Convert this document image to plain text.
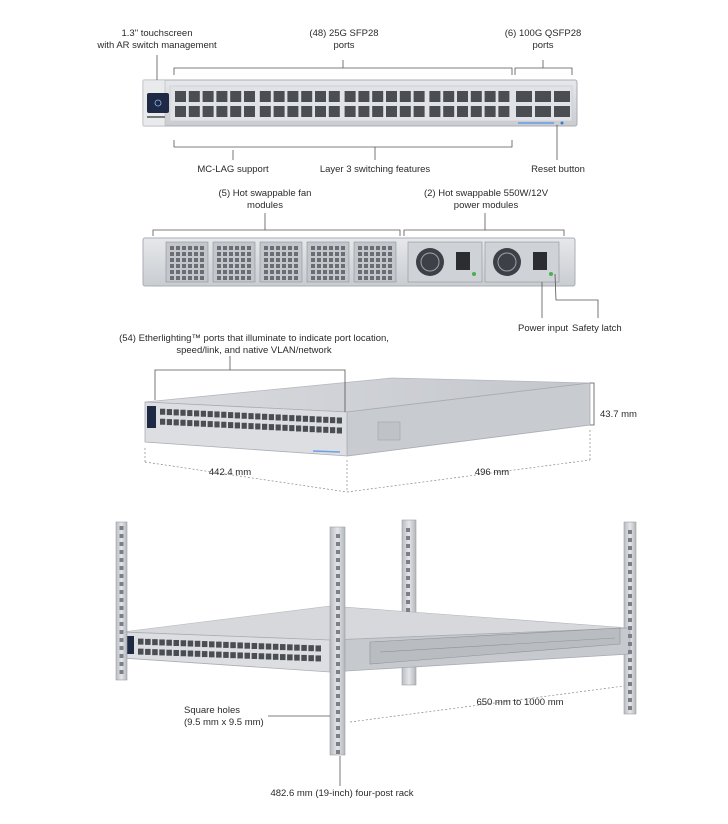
1.3" touchscreen
with AR switch management
(48) 25G SFP28
ports
(6) 100G QSFP28
ports
MC-LAG support	Layer 3 switching features	Reset button
(5) Hot swappable fan
modules
(2) Hot swappable 550W/12V
power modules
Power input Safety latch
(54) Etherlighting™ ports that illuminate to indicate port location,
speed/link, and native VLAN/network
43.7 mm
442.4 mm	496 mm
Square holes
(9.5 mm x 9.5 mm)
650 mm to 1000 mm
482.6 mm (19-inch) four-post rack
